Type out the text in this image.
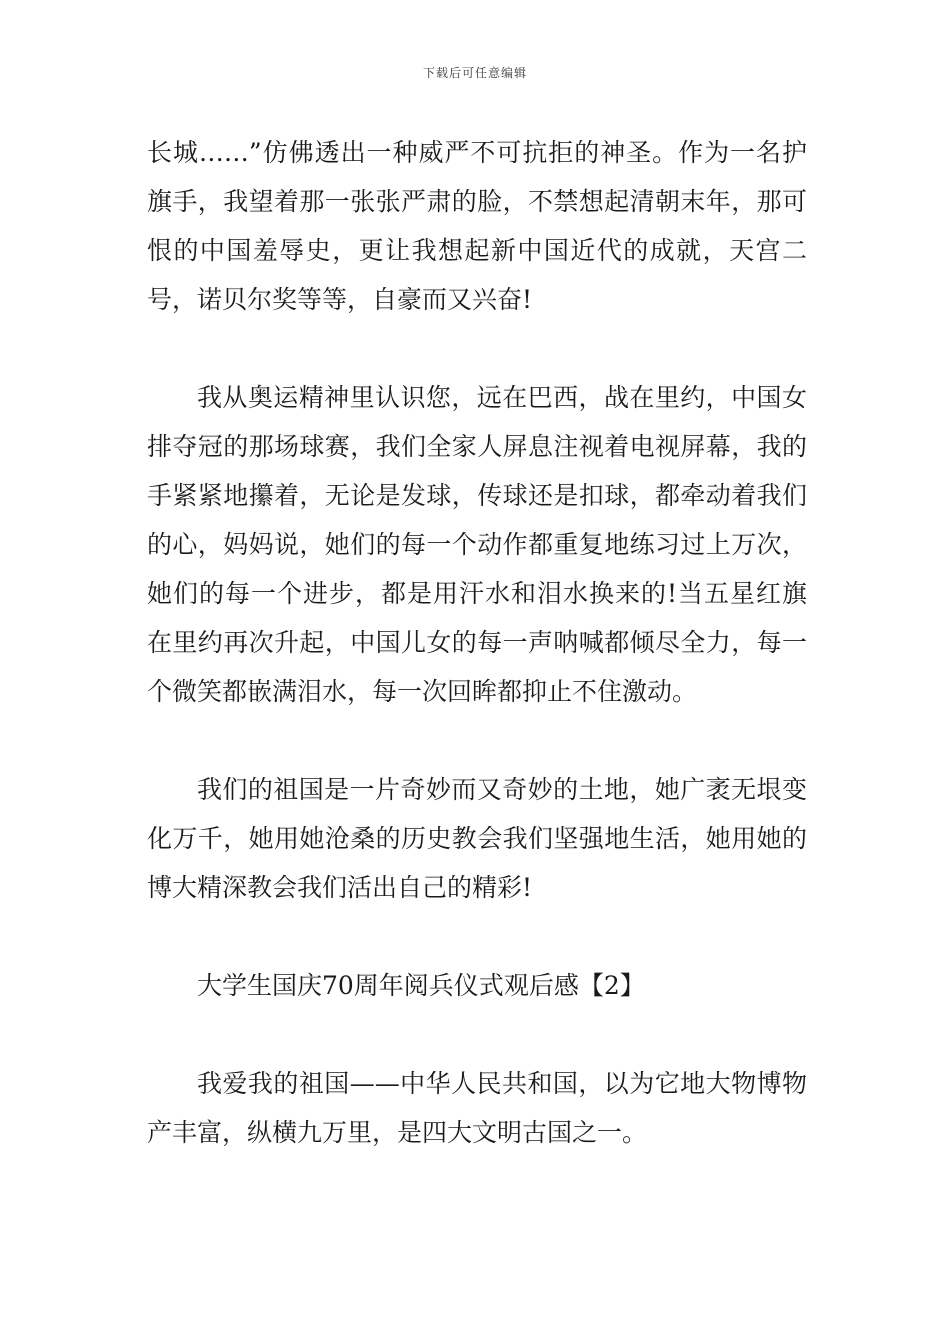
下载后可任意编辑

长城……”仿佛透出一种威严不可抗拒的神圣。作为一名护旗手，我望着那一张张严肃的脸，不禁想起清朝末年，那可恨的中国羞辱史，更让我想起新中国近代的成就，天宫二号，诺贝尔奖等等，自豪而又兴奋!

我从奥运精神里认识您，远在巴西，战在里约，中国女排夺冠的那场球赛，我们全家人屏息注视着电视屏幕，我的手紧紧地攥着，无论是发球，传球还是扣球，都牵动着我们的心，妈妈说，她们的每一个动作都重复地练习过上万次，她们的每一个进步，都是用汗水和泪水换来的!当五星红旗在里约再次升起，中国儿女的每一声呐喊都倾尽全力，每一个微笑都嵌满泪水，每一次回眸都抑止不住激动。

我们的祖国是一片奇妙而又奇妙的土地，她广袤无垠变化万千，她用她沧桑的历史教会我们坚强地生活，她用她的博大精深教会我们活出自己的精彩!

大学生国庆70周年阅兵仪式观后感【2】

我爱我的祖国——中华人民共和国，以为它地大物博物产丰富，纵横九万里，是四大文明古国之一。
